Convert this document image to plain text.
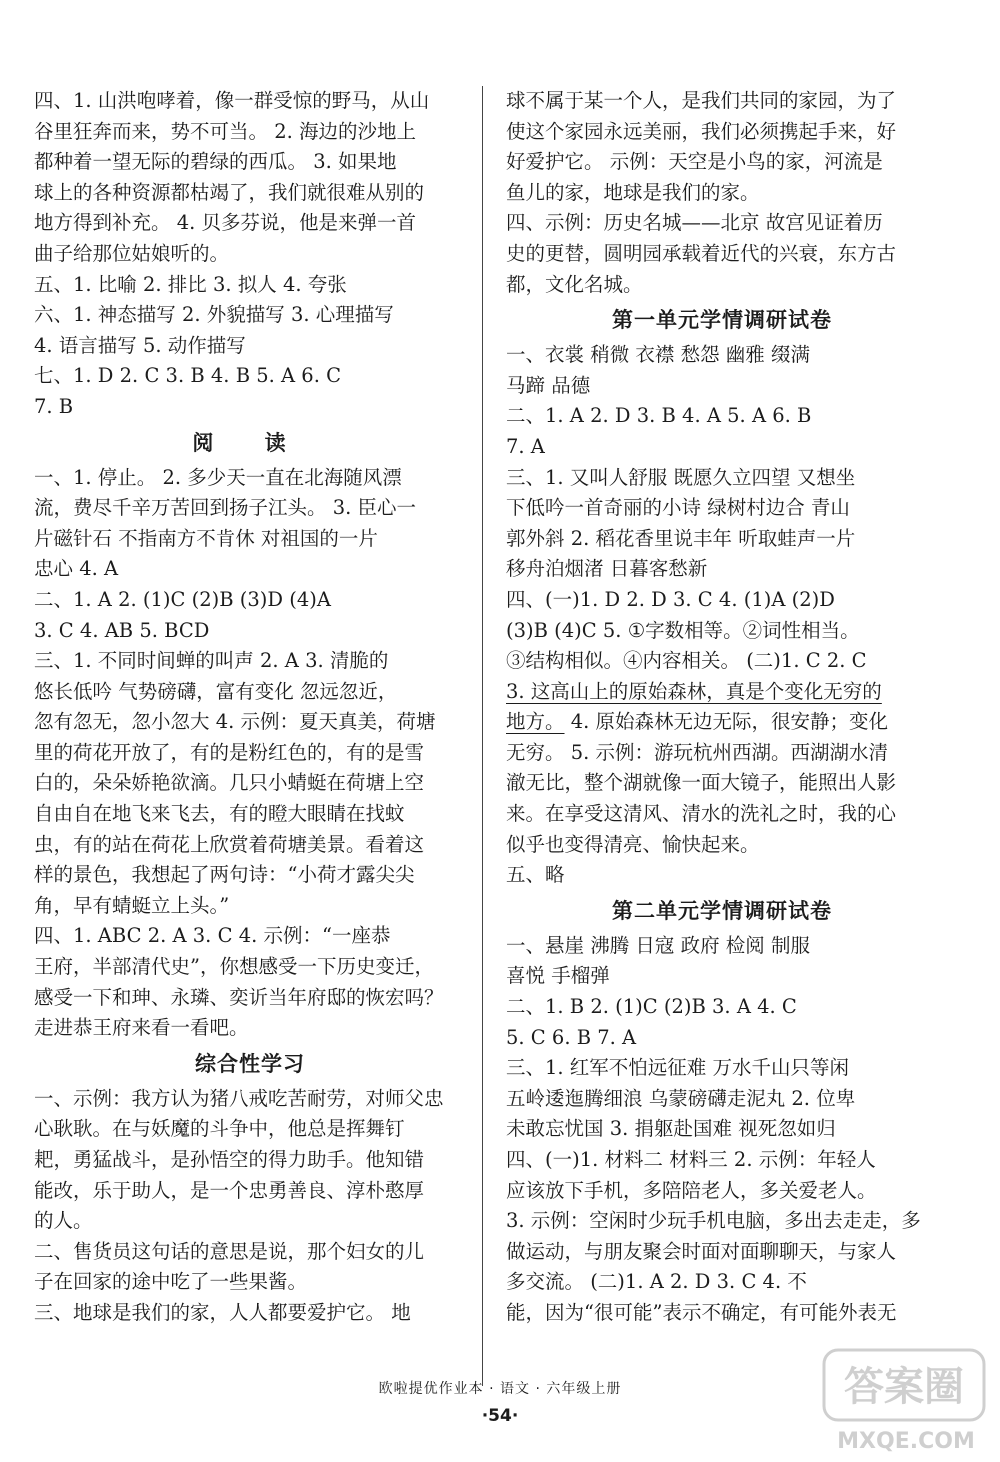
四、1. 山洪咆哮着，像一群受惊的野马，从山
谷里狂奔而来，势不可当。 2. 海边的沙地上
都种着一望无际的碧绿的西瓜。 3. 如果地
球上的各种资源都枯竭了，我们就很难从别的
地方得到补充。 4. 贝多芬说，他是来弹一首
曲子给那位姑娘听的。
五、1. 比喻 2. 排比 3. 拟人 4. 夸张
六、1. 神态描写 2. 外貌描写 3. 心理描写
4. 语言描写 5. 动作描写
七、1. D 2. C 3. B 4. B 5. A 6. C
7. B

阅 读

一、1. 停止。 2. 多少天一直在北海随风漂
流，费尽千辛万苦回到扬子江头。 3. 臣心一
片磁针石 不指南方不肯休 对祖国的一片
忠心 4. A
二、1. A 2. (1)C (2)B (3)D (4)A
3. C 4. AB 5. BCD
三、1. 不同时间蝉的叫声 2. A 3. 清脆的
悠长低吟 气势磅礴，富有变化 忽远忽近，
忽有忽无，忽小忽大 4. 示例：夏天真美，荷塘
里的荷花开放了，有的是粉红色的，有的是雪
白的，朵朵娇艳欲滴。几只小蜻蜓在荷塘上空
自由自在地飞来飞去，有的瞪大眼睛在找蚊
虫，有的站在荷花上欣赏着荷塘美景。看着这
样的景色，我想起了两句诗：“小荷才露尖尖
角，早有蜻蜓立上头。”
四、1. ABC 2. A 3. C 4. 示例：“一座恭
王府，半部清代史”，你想感受一下历史变迁，
感受一下和珅、永璘、奕䜣当年府邸的恢宏吗？
走进恭王府来看一看吧。

综合性学习

一、示例：我方认为猪八戒吃苦耐劳，对师父忠
心耿耿。在与妖魔的斗争中，他总是挥舞钉
耙，勇猛战斗，是孙悟空的得力助手。他知错
能改，乐于助人，是一个忠勇善良、淳朴憨厚
的人。
二、售货员这句话的意思是说，那个妇女的儿
子在回家的途中吃了一些果酱。
三、地球是我们的家，人人都要爱护它。 地

球不属于某一个人，是我们共同的家园，为了
使这个家园永远美丽，我们必须携起手来，好
好爱护它。 示例：天空是小鸟的家，河流是
鱼儿的家，地球是我们的家。
四、示例：历史名城——北京 故宫见证着历
史的更替，圆明园承载着近代的兴衰，东方古
都，文化名城。

第一单元学情调研试卷

一、衣裳 稍微 衣襟 愁怨 幽雅 缀满
马蹄 品德
二、1. A 2. D 3. B 4. A 5. A 6. B
7. A
三、1. 又叫人舒服 既愿久立四望 又想坐
下低吟一首奇丽的小诗 绿树村边合 青山
郭外斜 2. 稻花香里说丰年 听取蛙声一片
移舟泊烟渚 日暮客愁新
四、(一)1. D 2. D 3. C 4. (1)A (2)D
(3)B (4)C 5. ①字数相等。②词性相当。
③结构相似。④内容相关。 (二)1. C 2. C
3. 这高山上的原始森林，真是个变化无穷的
地方。 4. 原始森林无边无际，很安静；变化
无穷。 5. 示例：游玩杭州西湖。西湖湖水清
澈无比，整个湖就像一面大镜子，能照出人影
来。在享受这清风、清水的洗礼之时，我的心
似乎也变得清亮、愉快起来。
五、略

第二单元学情调研试卷

一、悬崖 沸腾 日寇 政府 检阅 制服
喜悦 手榴弹
二、1. B 2. (1)C (2)B 3. A 4. C
5. C 6. B 7. A
三、1. 红军不怕远征难 万水千山只等闲
五岭逶迤腾细浪 乌蒙磅礴走泥丸 2. 位卑
未敢忘忧国 3. 捐躯赴国难 视死忽如归
四、(一)1. 材料二 材料三 2. 示例：年轻人
应该放下手机，多陪陪老人，多关爱老人。
3. 示例：空闲时少玩手机电脑，多出去走走，多
做运动，与朋友聚会时面对面聊聊天，与家人
多交流。 (二)1. A 2. D 3. C 4. 不
能，因为“很可能”表示不确定，有可能外表无

欧啦提优作业本 · 语文 · 六年级上册
·54·
答案圈
MXQE.COM
